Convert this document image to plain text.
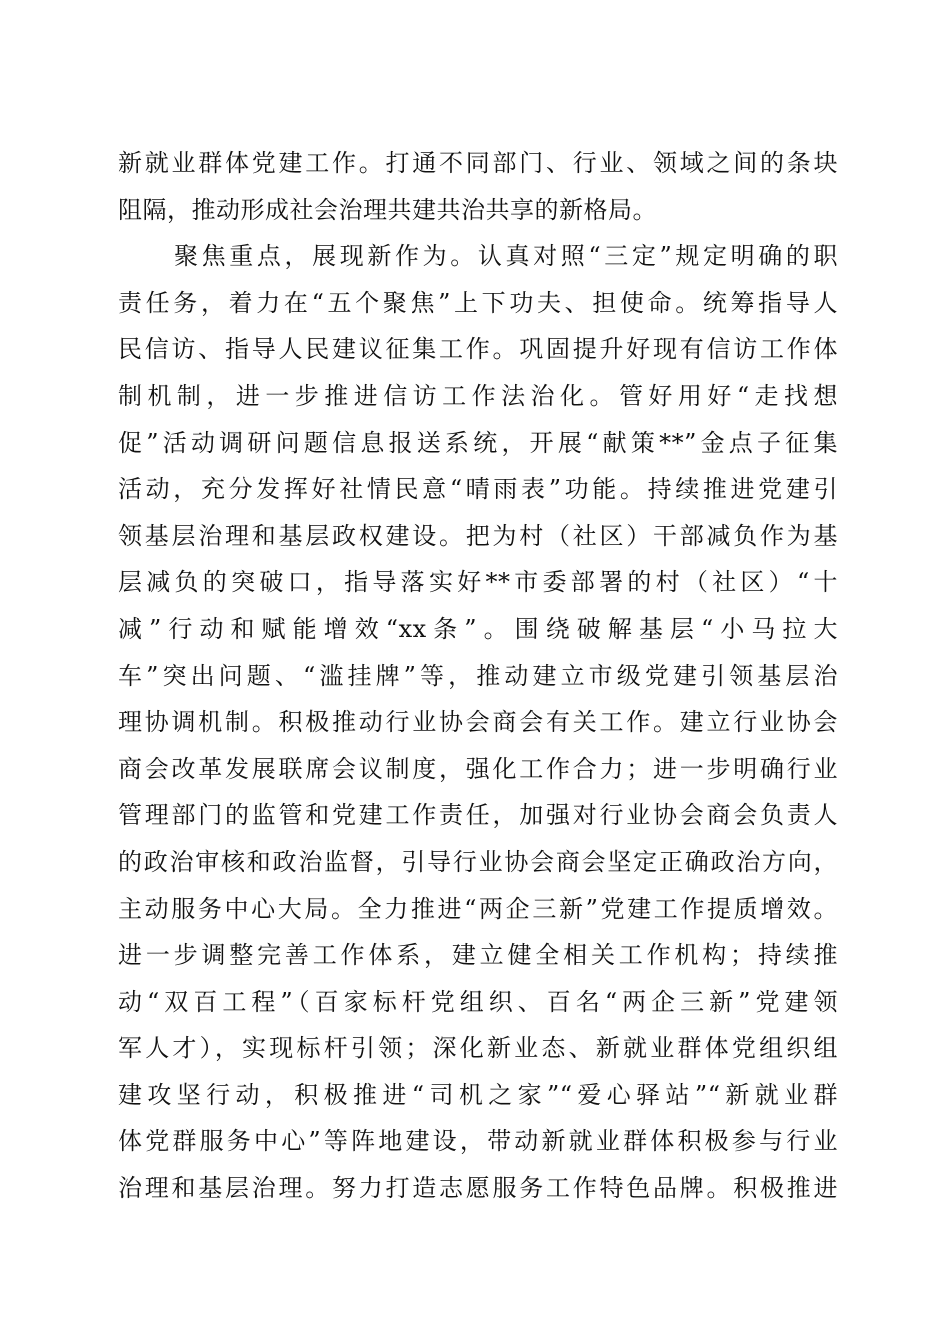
新就业群体党建工作。打通不同部门、行业、领域之间的条块
阻隔，推动形成社会治理共建共治共享的新格局。
聚焦重点，展现新作为。认真对照“三定”规定明确的职
责任务，着力在“五个聚焦”上下功夫、担使命。统筹指导人
民信访、指导人民建议征集工作。巩固提升好现有信访工作体
制机制，进一步推进信访工作法治化。管好用好“走找想
促”活动调研问题信息报送系统，开展“献策**”金点子征集
活动，充分发挥好社情民意“晴雨表”功能。持续推进党建引
领基层治理和基层政权建设。把为村（社区）干部减负作为基
层减负的突破口，指导落实好**市委部署的村（社区）“十
减”行动和赋能增效“xx条”。围绕破解基层“小马拉大
车”突出问题、“滥挂牌”等，推动建立市级党建引领基层治
理协调机制。积极推动行业协会商会有关工作。建立行业协会
商会改革发展联席会议制度，强化工作合力；进一步明确行业
管理部门的监管和党建工作责任，加强对行业协会商会负责人
的政治审核和政治监督，引导行业协会商会坚定正确政治方向，
主动服务中心大局。全力推进“两企三新”党建工作提质增效。
进一步调整完善工作体系，建立健全相关工作机构；持续推
动“双百工程”（百家标杆党组织、百名“两企三新”党建领
军人才），实现标杆引领；深化新业态、新就业群体党组织组
建攻坚行动，积极推进“司机之家”“爱心驿站”“新就业群
体党群服务中心”等阵地建设，带动新就业群体积极参与行业
治理和基层治理。努力打造志愿服务工作特色品牌。积极推进
